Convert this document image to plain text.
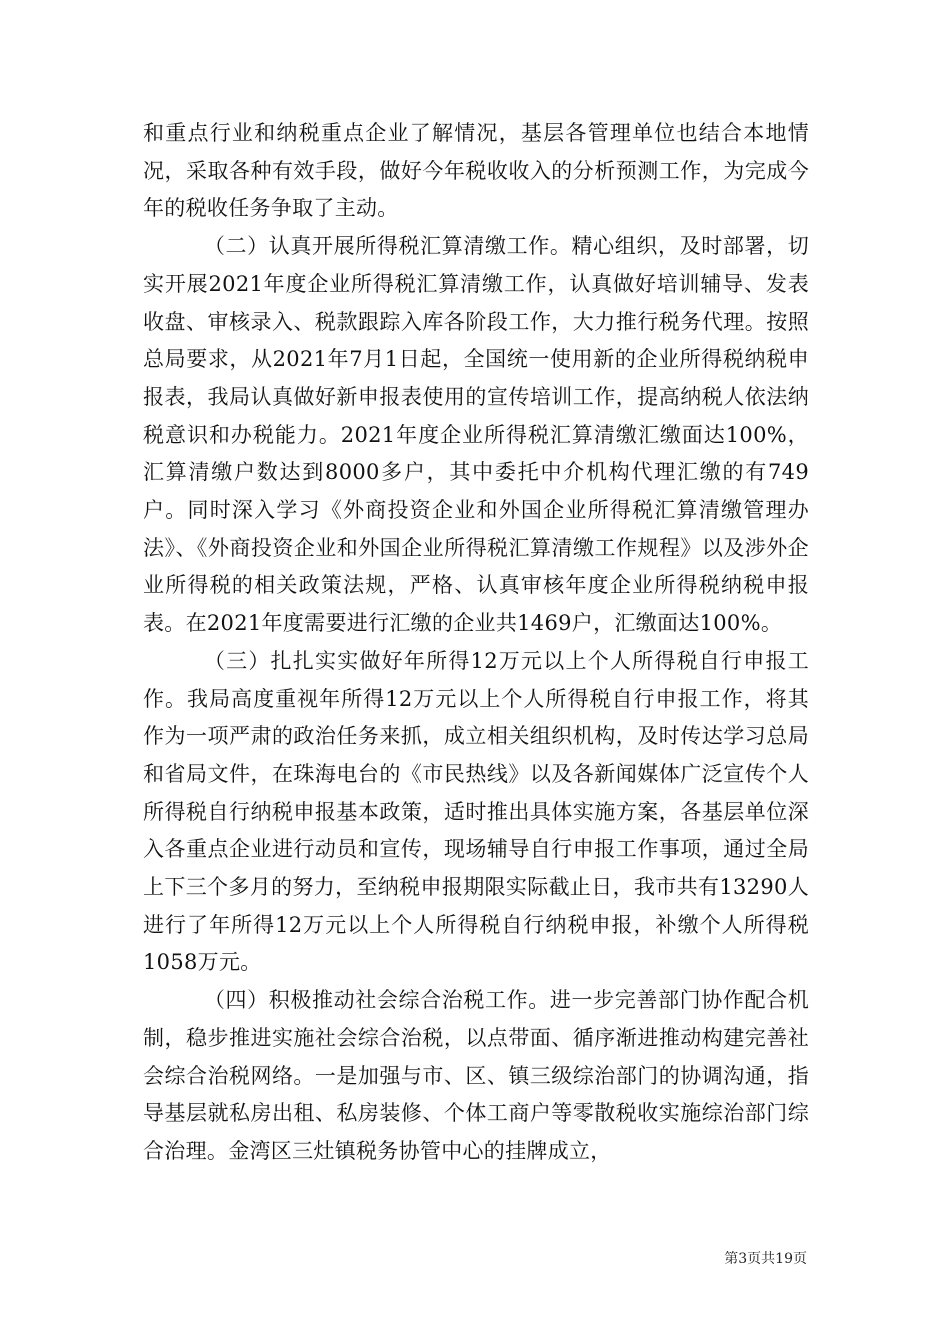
和重点行业和纳税重点企业了解情况，基层各管理单位也结合本地情况，采取各种有效手段，做好今年税收收入的分析预测工作，为完成今年的税收任务争取了主动。

（二）认真开展所得税汇算清缴工作。精心组织，及时部署，切实开展2021年度企业所得税汇算清缴工作，认真做好培训辅导、发表收盘、审核录入、税款跟踪入库各阶段工作，大力推行税务代理。按照总局要求，从2021年7月1日起，全国统一使用新的企业所得税纳税申报表，我局认真做好新申报表使用的宣传培训工作，提高纳税人依法纳税意识和办税能力。2021年度企业所得税汇算清缴汇缴面达100%，汇算清缴户数达到8000多户，其中委托中介机构代理汇缴的有749户。同时深入学习《外商投资企业和外国企业所得税汇算清缴管理办法》、《外商投资企业和外国企业所得税汇算清缴工作规程》以及涉外企业所得税的相关政策法规，严格、认真审核年度企业所得税纳税申报表。在2021年度需要进行汇缴的企业共1469户，汇缴面达100%。

（三）扎扎实实做好年所得12万元以上个人所得税自行申报工作。我局高度重视年所得12万元以上个人所得税自行申报工作，将其作为一项严肃的政治任务来抓，成立相关组织机构，及时传达学习总局和省局文件，在珠海电台的《市民热线》以及各新闻媒体广泛宣传个人所得税自行纳税申报基本政策，适时推出具体实施方案，各基层单位深入各重点企业进行动员和宣传，现场辅导自行申报工作事项，通过全局上下三个多月的努力，至纳税申报期限实际截止日，我市共有13290人进行了年所得12万元以上个人所得税自行纳税申报，补缴个人所得税1058万元。

（四）积极推动社会综合治税工作。进一步完善部门协作配合机制，稳步推进实施社会综合治税，以点带面、循序渐进推动构建完善社会综合治税网络。一是加强与市、区、镇三级综治部门的协调沟通，指导基层就私房出租、私房装修、个体工商户等零散税收实施综治部门综合治理。金湾区三灶镇税务协管中心的挂牌成立，

第3页共19页
